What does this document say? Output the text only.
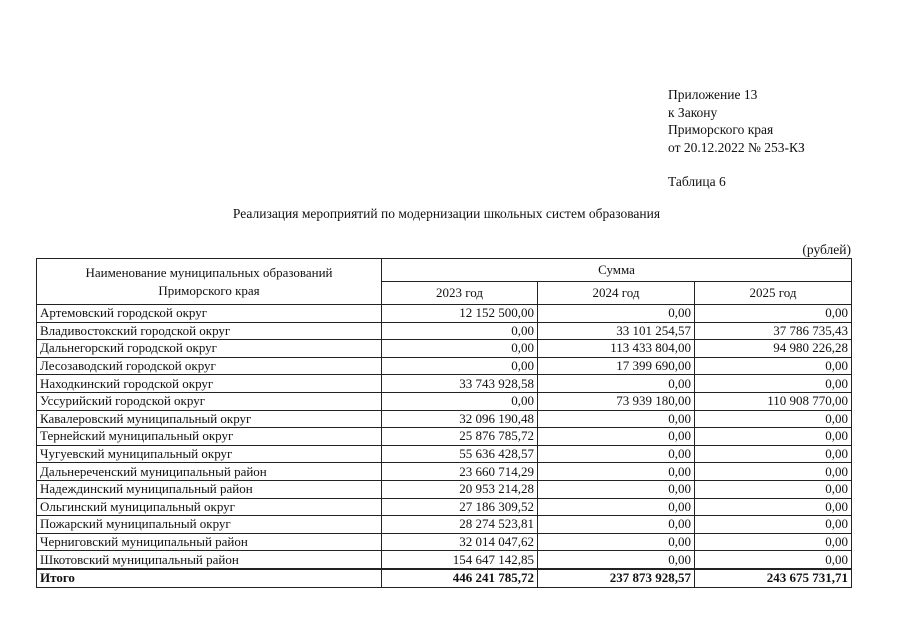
Приложение 13
к Закону
Приморского края
от 20.12.2022 № 253-КЗ
Таблица 6
Реализация мероприятий по модернизации школьных систем образования
(рублей)
Наименование муниципальных образований
Приморского края	Сумма		
	2023 год	2024 год	2025 год
Артемовский городской округ	12 152 500,00	0,00	0,00
Владивостокский городской округ	0,00	33 101 254,57	37 786 735,43
Дальнегорский городской округ	0,00	113 433 804,00	94 980 226,28
Лесозаводский городской округ	0,00	17 399 690,00	0,00
Находкинский городской округ	33 743 928,58	0,00	0,00
Уссурийский городской округ	0,00	73 939 180,00	110 908 770,00
Кавалеровский муниципальный округ	32 096 190,48	0,00	0,00
Тернейский муниципальный округ	25 876 785,72	0,00	0,00
Чугуевский муниципальный округ	55 636 428,57	0,00	0,00
Дальнереченский муниципальный район	23 660 714,29	0,00	0,00
Надеждинский муниципальный район	20 953 214,28	0,00	0,00
Ольгинский муниципальный округ	27 186 309,52	0,00	0,00
Пожарский муниципальный округ	28 274 523,81	0,00	0,00
Черниговский муниципальный район	32 014 047,62	0,00	0,00
Шкотовский муниципальный район	154 647 142,85	0,00	0,00
Итого	446 241 785,72	237 873 928,57	243 675 731,71
